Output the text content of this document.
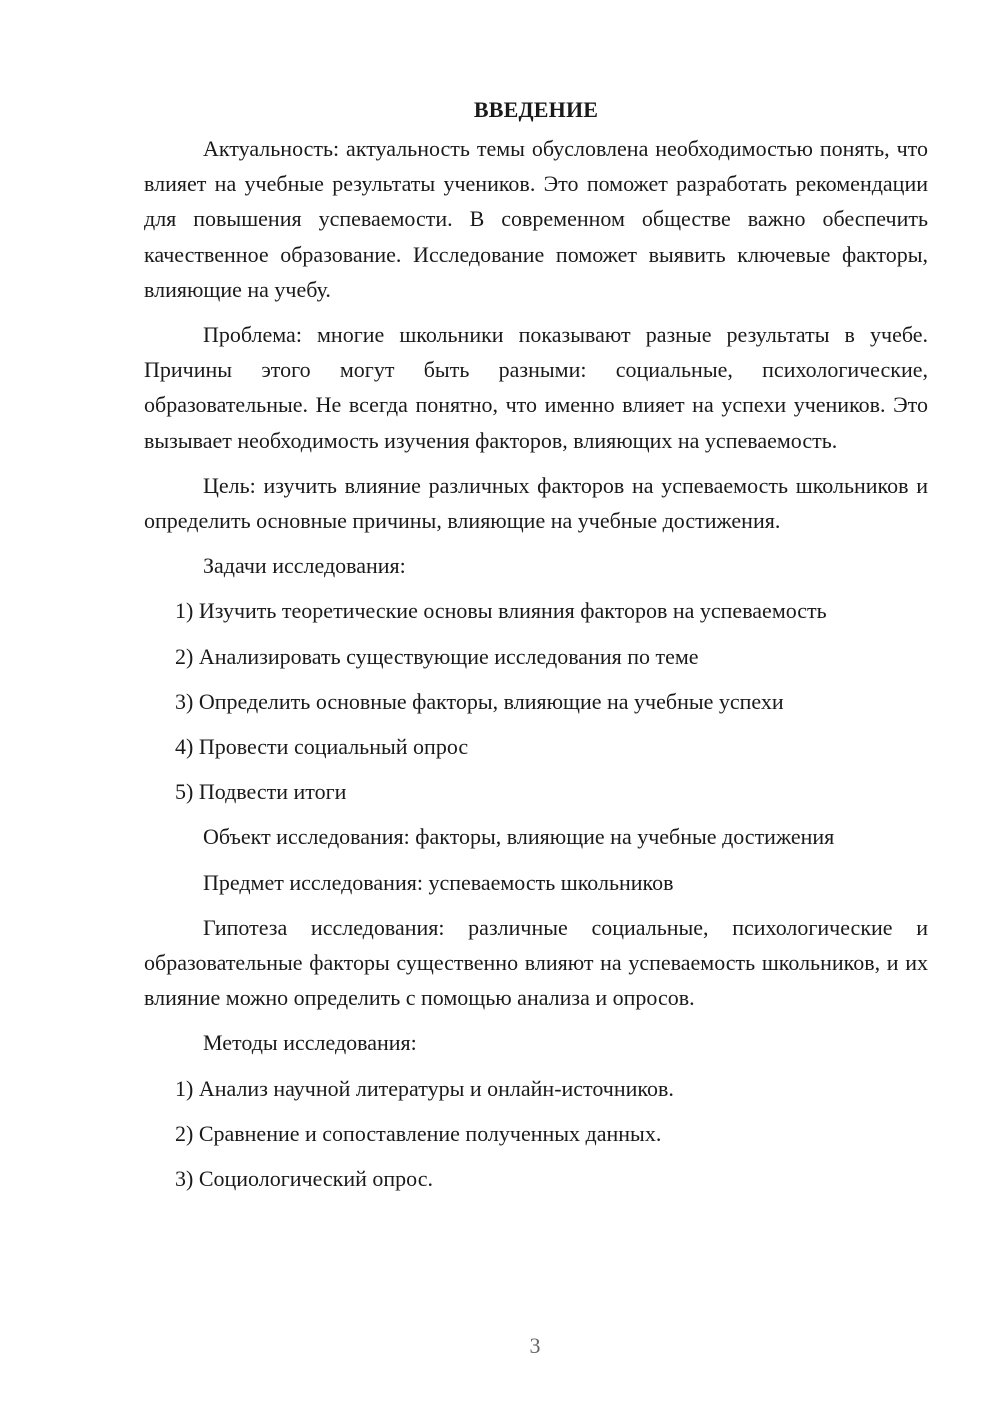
ВВЕДЕНИЕ

Актуальность: актуальность темы обусловлена необходимостью понять, что влияет на учебные результаты учеников. Это поможет разработать рекомендации для повышения успеваемости. В современном обществе важно обеспечить качественное образование. Исследование поможет выявить ключевые факторы, влияющие на учебу.

Проблема: многие школьники показывают разные результаты в учебе. Причины этого могут быть разными: социальные, психологические, образовательные. Не всегда понятно, что именно влияет на успехи учеников. Это вызывает необходимость изучения факторов, влияющих на успеваемость.

Цель: изучить влияние различных факторов на успеваемость школьников и определить основные причины, влияющие на учебные достижения.

Задачи исследования:
1) Изучить теоретические основы влияния факторов на успеваемость
2) Анализировать существующие исследования по теме
3) Определить основные факторы, влияющие на учебные успехи
4) Провести социальный опрос
5) Подвести итоги
Объект исследования: факторы, влияющие на учебные достижения
Предмет исследования: успеваемость школьников

Гипотеза исследования: различные социальные, психологические и образовательные факторы существенно влияют на успеваемость школьников, и их влияние можно определить с помощью анализа и опросов.

Методы исследования:
1) Анализ научной литературы и онлайн-источников.
2) Сравнение и сопоставление полученных данных.
3) Социологический опрос.
3
